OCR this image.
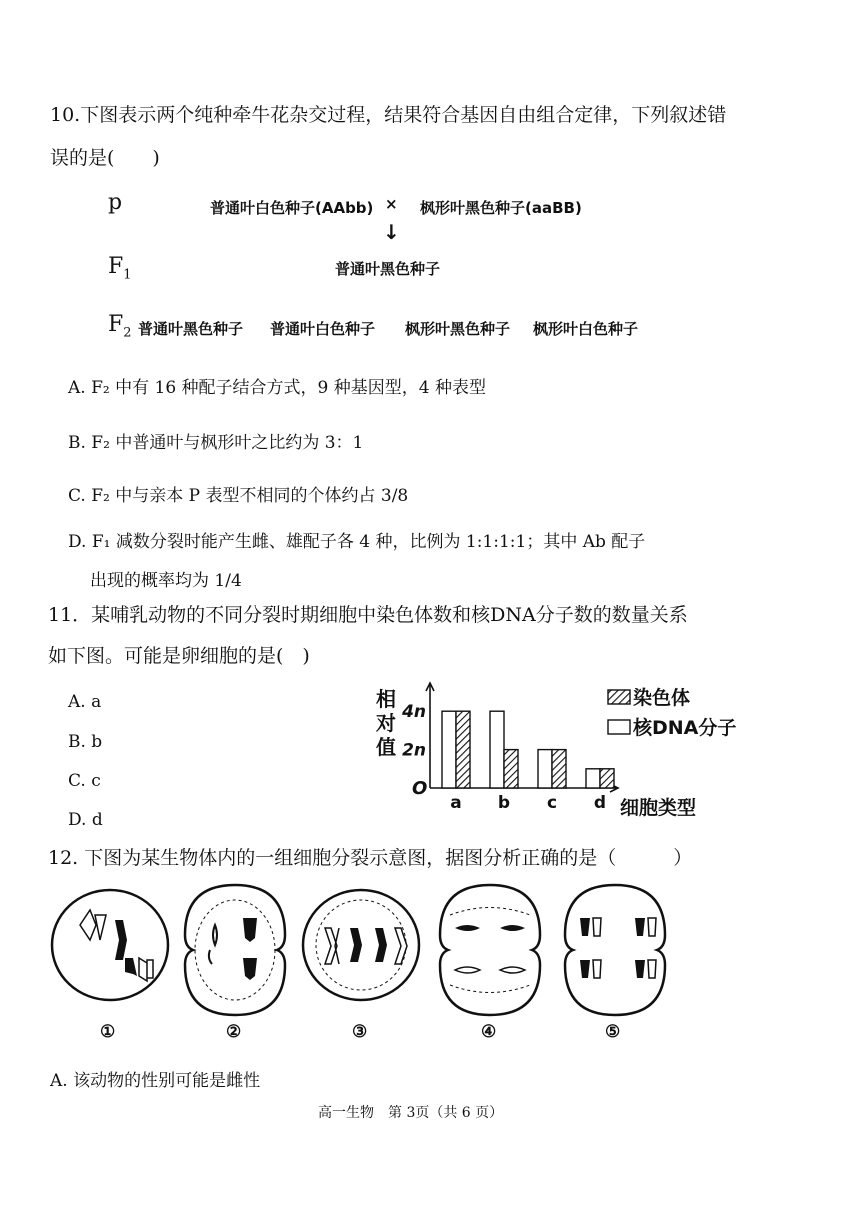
10.下图表示两个纯种牵牛花杂交过程，结果符合基因自由组合定律，下列叙述错
误的是(　　)
p	普通叶白色种子(AAbb) × 枫形叶黑色种子(aaBB)
↓
$F_1$	普通叶黑色种子
$F_2$ 普通叶黑色种子 普通叶白色种子 枫形叶黑色种子 枫形叶白色种子
A. F₂ 中有 16 种配子结合方式，9 种基因型，4 种表型
B. F₂ 中普通叶与枫形叶之比约为 3：1
C. F₂ 中与亲本 P 表型不相同的个体约占 3/8
D. F₁ 减数分裂时能产生雌、雄配子各 4 种，比例为 1:1:1:1；其中 Ab 配子
出现的概率均为 1/4
11．某哺乳动物的不同分裂时期细胞中染色体数和核DNA分子数的数量关系
如下图。可能是卵细胞的是(　)
A. a
B. b
C. c
D. d
相
对
值
4n
2n
O
a b c d 细胞类型
染色体
核DNA分子
12. 下图为某生物体内的一组细胞分裂示意图，据图分析正确的是（　　　）
①	②	③	④	⑤
A. 该动物的性别可能是雌性
高一生物　第 3页（共 6 页）
